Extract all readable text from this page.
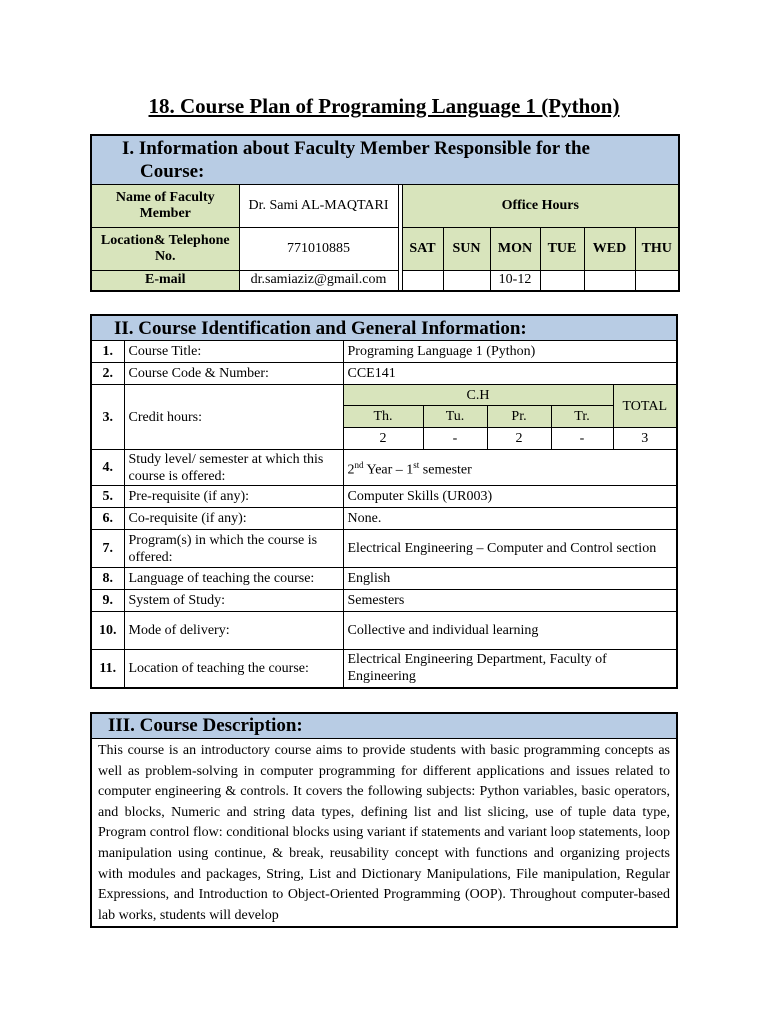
18. Course Plan of Programing Language 1 (Python)
I. Information about Faculty Member Responsible for the
Course:								
Name of Faculty Member	Dr. Sami AL-MAQTARI		Office Hours					
Location& Telephone No.	771010885		SAT	SUN	MON	TUE	WED	THU
E-mail	dr.samiaziz@gmail.com				10-12			
II. Course Identification and General Information:						
1.	Course Title:	Programing Language 1 (Python)				
2.	Course Code & Number:	CCE141				
3.	Credit hours:	C.H				TOTAL
		Th.	Tu.	Pr.	Tr.	
		2	-	2	-	3
4.	Study level/ semester at which this course is offered:	2nd Year – 1st semester				
5.	Pre-requisite (if any):	Computer Skills (UR003)				
6.	Co-requisite (if any):	None.				
7.	Program(s) in which the course is offered:	Electrical Engineering – Computer and Control section				
8.	Language of teaching the course:	English				
9.	System of Study:	Semesters				
10.	Mode of delivery:	Collective and individual learning				
11.	Location of teaching the course:	Electrical Engineering Department, Faculty of Engineering				
III. Course Description:
This course is an introductory course aims to provide students with basic programming concepts as well as problem-solving in computer programming for different applications and issues related to computer engineering & controls. It covers the following subjects: Python variables, basic operators, and blocks, Numeric and string data types, defining list and list slicing, use of tuple data type, Program control flow: conditional blocks using variant if statements and variant loop statements, loop manipulation using continue, & break, reusability concept with functions and organizing projects with modules and packages, String, List and Dictionary Manipulations, File manipulation, Regular Expressions, and Introduction to Object-Oriented Programming (OOP). Throughout computer-based lab works, students will develop
